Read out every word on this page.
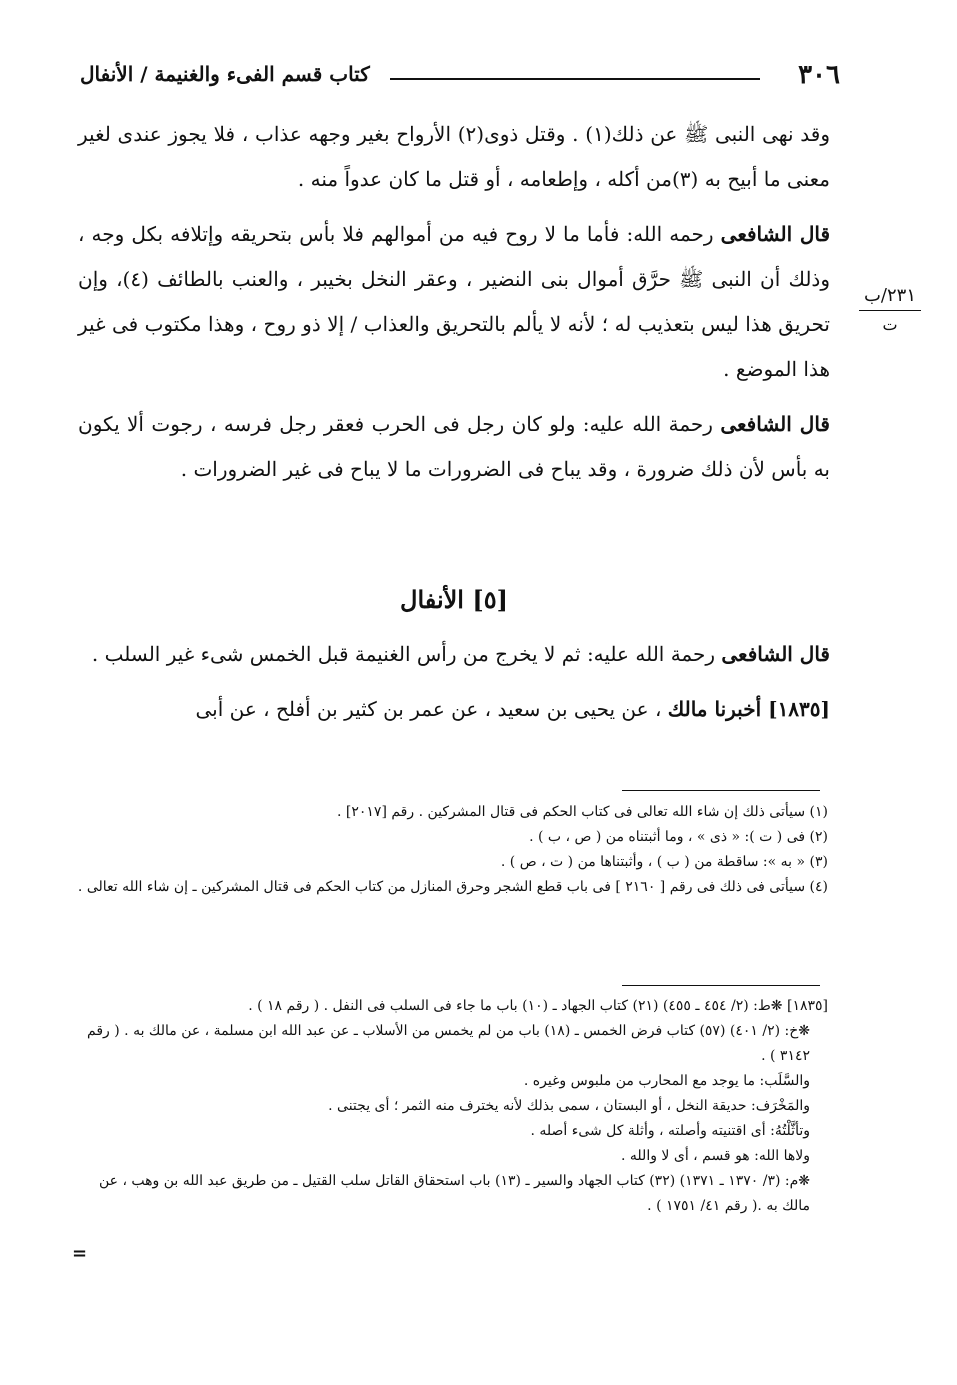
٣٠٦
كتاب قسم الفىء والغنيمة / الأنفال
٢٣١/ب
ت

وقد نهى النبى ﷺ عن ذلك(١) . وقتل ذوى(٢) الأرواح بغير وجهه عذاب ، فلا يجوز عندى لغير معنى ما أبيح به (٣)من أكله ، وإطعامه ، أو قتل ما كان عدواً منه .

قال الشافعى رحمه الله: فأما ما لا روح فيه من أموالهم فلا بأس بتحريقه وإتلافه بكل وجه ، وذلك أن النبى ﷺ حرَّق أموال بنى النضير ، وعقر النخل بخيبر ، والعنب بالطائف (٤)، وإن تحريق هذا ليس بتعذيب له ؛ لأنه لا يألم بالتحريق والعذاب / إلا ذو روح ، وهذا مكتوب فى غير هذا الموضع .

قال الشافعى رحمة الله عليه: ولو كان رجل فى الحرب فعقر رجل فرسه ، رجوت ألا يكون به بأس لأن ذلك ضرورة ، وقد يباح فى الضرورات ما لا يباح فى غير الضرورات .

[٥] الأنفال

قال الشافعى رحمة الله عليه: ثم لا يخرج من رأس الغنيمة قبل الخمس شىء غير السلب .

[١٨٣٥] أخبرنا مالك ، عن يحيى بن سعيد ، عن عمر بن كثير بن أفلح ، عن أبى

(١) سيأتى ذلك إن شاء الله تعالى فى كتاب الحكم فى قتال المشركين . رقم [٢٠١٧] .

(٢) فى ( ت ): « ذى » ، وما أثبتناه من ( ص ، ب ) .

(٣) « به »: ساقطة من ( ب ) ، وأثبتناها من ( ت ، ص ) .

(٤) سيأتى فى ذلك فى رقم [ ٢١٦٠ ] فى باب قطع الشجر وحرق المنازل من كتاب الحكم فى قتال المشركين ـ إن شاء الله تعالى .

[١٨٣٥] ❋ط: (٢/ ٤٥٤ ـ ٤٥٥) (٢١) كتاب الجهاد ـ (١٠) باب ما جاء فى السلب فى النفل . ( رقم ١٨ ) .

❋خ: (٢/ ٤٠١) (٥٧) كتاب فرض الخمس ـ (١٨) باب من لم يخمس من الأسلاب ـ عن عبد الله ابن مسلمة ، عن مالك به . ( رقم ٣١٤٢ ) .

والسَّلَب: ما يوجد مع المحارب من ملبوس وغيره .

والمَخْرَف: حديقة النخل ، أو البستان ، سمى بذلك لأنه يخترف منه الثمر ؛ أى يجتنى .

وتأثَّلْتُهُ: أى اقتنيته وأصلته ، وأثلة كل شىء أصله .

ولاها الله: هو قسم ، أى لا والله .

❋م: (٣/ ١٣٧٠ ـ ١٣٧١) (٣٢) كتاب الجهاد والسير ـ (١٣) باب استحقاق القاتل سلب القتيل ـ من طريق عبد الله بن وهب ، عن مالك به .( رقم ٤١/ ١٧٥١ ) .

=
